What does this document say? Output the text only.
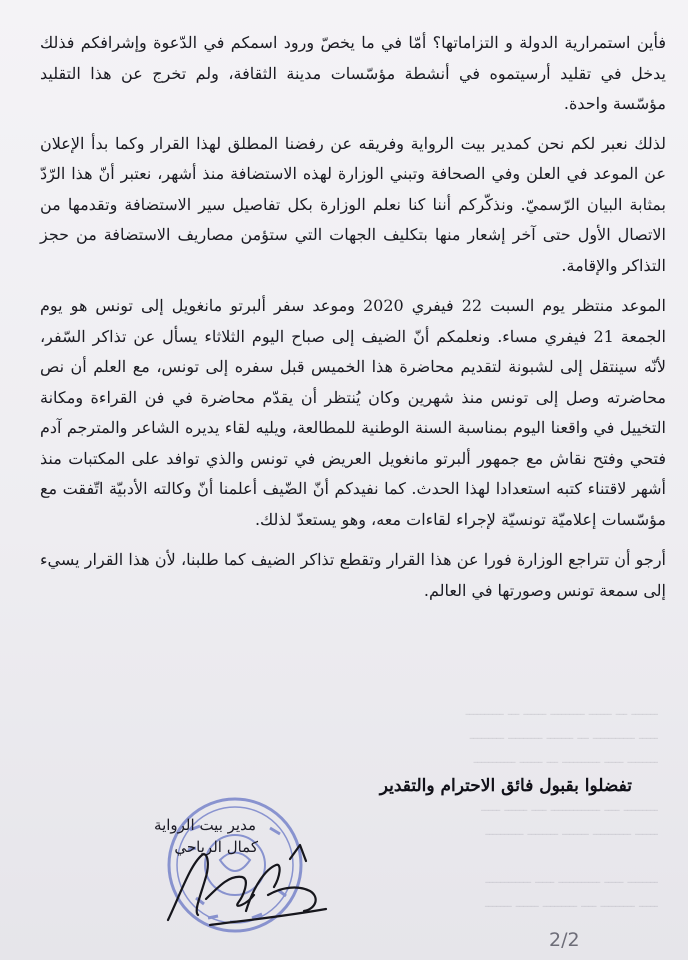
ـــــــ ـــ ــــــ ـــــــــ ــــــ ـــ ــــــــــ
ـــــ ـــــــــــ ـــ ـــــــ ـــــــــ ـــــــــ
ــــــــ ـــــ ــــــــــ ـــ ــــــ ـــــــــــ
ـــــــــ ــــ ـــــــــــــ ــــ ــــــ ـــــ
ــــــ ــــــــــ ـــــــ ــــــــ ــــــــــ
ــــــــ ـــــ ـــــــــــ ـــــ ــــــــــــ
ـــــ ـــــــــ ــــ ـــــــــ ــــــ ـــــــ

فأين استمرارية الدولة و التزاماتها؟ أمّا في ما يخصّ ورود اسمكم في الدّعوة وإشرافكم فذلك يدخل في تقليد أرسيتموه في أنشطة مؤسّسات مدينة الثقافة، ولم تخرج عن هذا التقليد مؤسّسة واحدة.

لذلك نعبر لكم نحن كمدير بيت الرواية وفريقه عن رفضنا المطلق لهذا القرار وكما بدأ الإعلان عن الموعد في العلن وفي الصحافة وتبني الوزارة لهذه الاستضافة منذ أشهر، نعتبر أنّ هذا الرّدّ بمثابة البيان الرّسميّ. ونذكّركم أننا كنا نعلم الوزارة بكل تفاصيل سير الاستضافة وتقدمها من الاتصال الأول حتى آخر إشعار منها بتكليف الجهات التي ستؤمن مصاريف الاستضافة من حجز التذاكر والإقامة.

الموعد منتظر يوم السبت 22 فيفري 2020 وموعد سفر ألبرتو مانغويل إلى تونس هو يوم الجمعة 21 فيفري مساء. ونعلمكم أنّ الضيف إلى صباح اليوم الثلاثاء يسأل عن تذاكر السّفر، لأنّه سينتقل إلى لشبونة لتقديم محاضرة هذا الخميس قبل سفره إلى تونس، مع العلم أن نص محاضرته وصل إلى تونس منذ شهرين وكان يُنتظر أن يقدّم محاضرة في فن القراءة ومكانة التخييل في واقعنا اليوم بمناسبة السنة الوطنية للمطالعة، ويليه لقاء يديره الشاعر والمترجم آدم فتحي وفتح نقاش مع جمهور ألبرتو مانغويل العريض في تونس والذي توافد على المكتبات منذ أشهر لاقتناء كتبه استعدادا لهذا الحدث. كما نفيدكم أنّ الضّيف أعلمنا أنّ وكالته الأدبيّة اتّفقت مع مؤسّسات إعلاميّة تونسيّة لإجراء لقاءات معه، وهو يستعدّ لذلك.

أرجو أن تتراجع الوزارة فورا عن هذا القرار وتقطع تذاكر الضيف كما طلبنا، لأن هذا القرار يسيء إلى سمعة تونس وصورتها في العالم.

تفضلوا بقبول فائق الاحترام والتقدير
مدير بيت الرواية
كمال الرياحي
2/2
